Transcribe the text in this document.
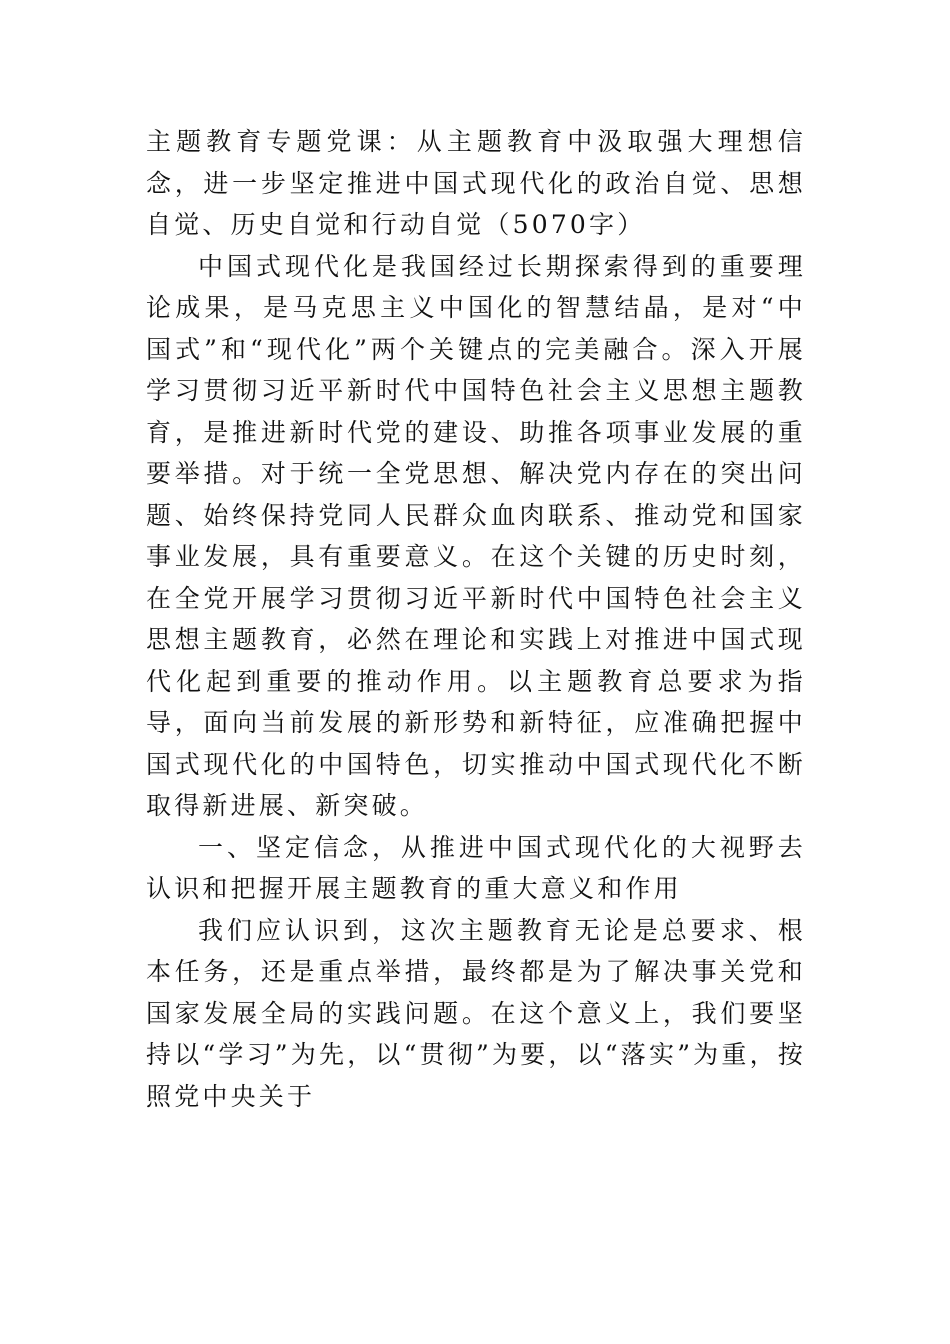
主题教育专题党课：从主题教育中汲取强大理想信念，进一步坚定推进中国式现代化的政治自觉、思想自觉、历史自觉和行动自觉（5070字）

中国式现代化是我国经过长期探索得到的重要理论成果，是马克思主义中国化的智慧结晶，是对“中国式”和“现代化”两个关键点的完美融合。深入开展学习贯彻习近平新时代中国特色社会主义思想主题教育，是推进新时代党的建设、助推各项事业发展的重要举措。对于统一全党思想、解决党内存在的突出问题、始终保持党同人民群众血肉联系、推动党和国家事业发展，具有重要意义。在这个关键的历史时刻，在全党开展学习贯彻习近平新时代中国特色社会主义思想主题教育，必然在理论和实践上对推进中国式现代化起到重要的推动作用。以主题教育总要求为指导，面向当前发展的新形势和新特征，应准确把握中国式现代化的中国特色，切实推动中国式现代化不断取得新进展、新突破。

一、坚定信念，从推进中国式现代化的大视野去认识和把握开展主题教育的重大意义和作用

我们应认识到，这次主题教育无论是总要求、根本任务，还是重点举措，最终都是为了解决事关党和国家发展全局的实践问题。在这个意义上，我们要坚持以“学习”为先，以“贯彻”为要，以“落实”为重，按照党中央关于
